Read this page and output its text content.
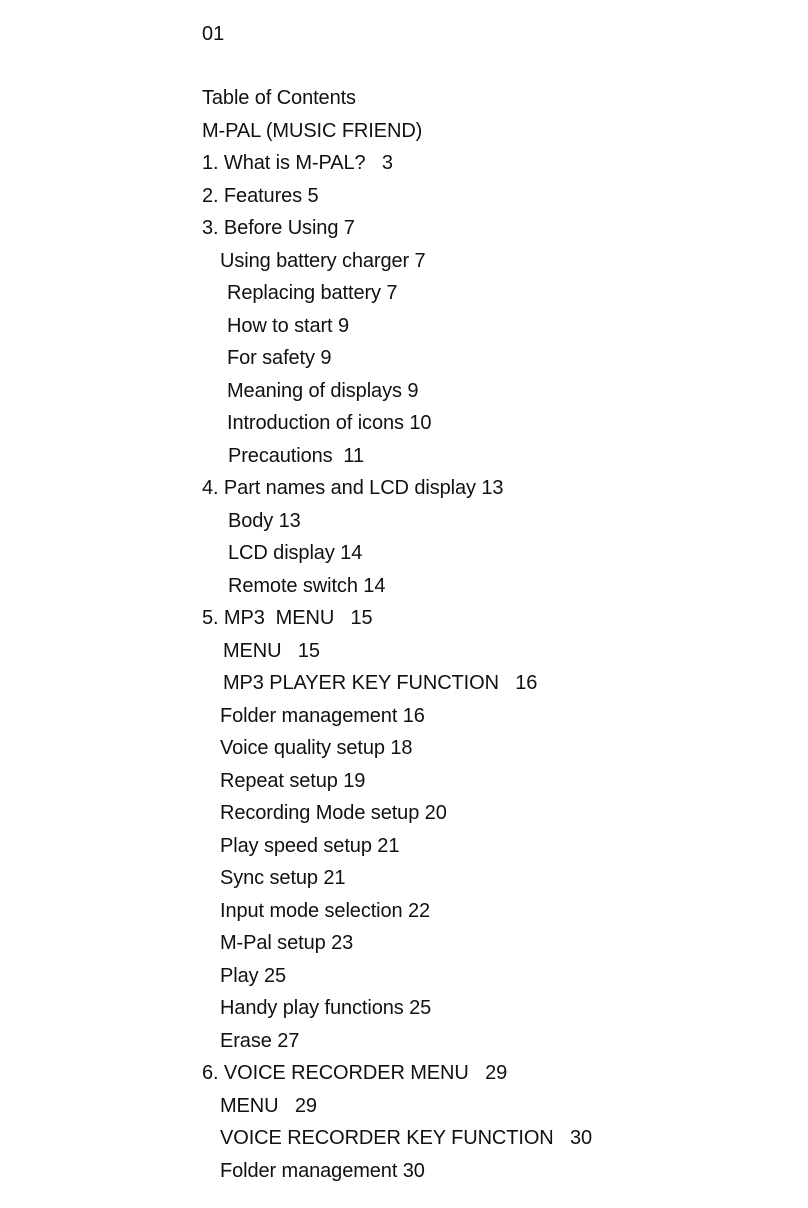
01

Table of Contents
M-PAL (MUSIC FRIEND)
1. What is M-PAL?   3
2. Features 5
3. Before Using 7
Using battery charger 7
Replacing battery 7
How to start 9
For safety 9
Meaning of displays 9
Introduction of icons 10
Precautions  11
4. Part names and LCD display 13
Body 13
LCD display 14
Remote switch 14
5. MP3  MENU   15
MENU   15
MP3 PLAYER KEY FUNCTION   16
Folder management 16
Voice quality setup 18
Repeat setup 19
Recording Mode setup 20
Play speed setup 21
Sync setup 21
Input mode selection 22
M-Pal setup 23
Play 25
Handy play functions 25
Erase 27
6. VOICE RECORDER MENU   29
MENU   29
VOICE RECORDER KEY FUNCTION   30
Folder management 30
